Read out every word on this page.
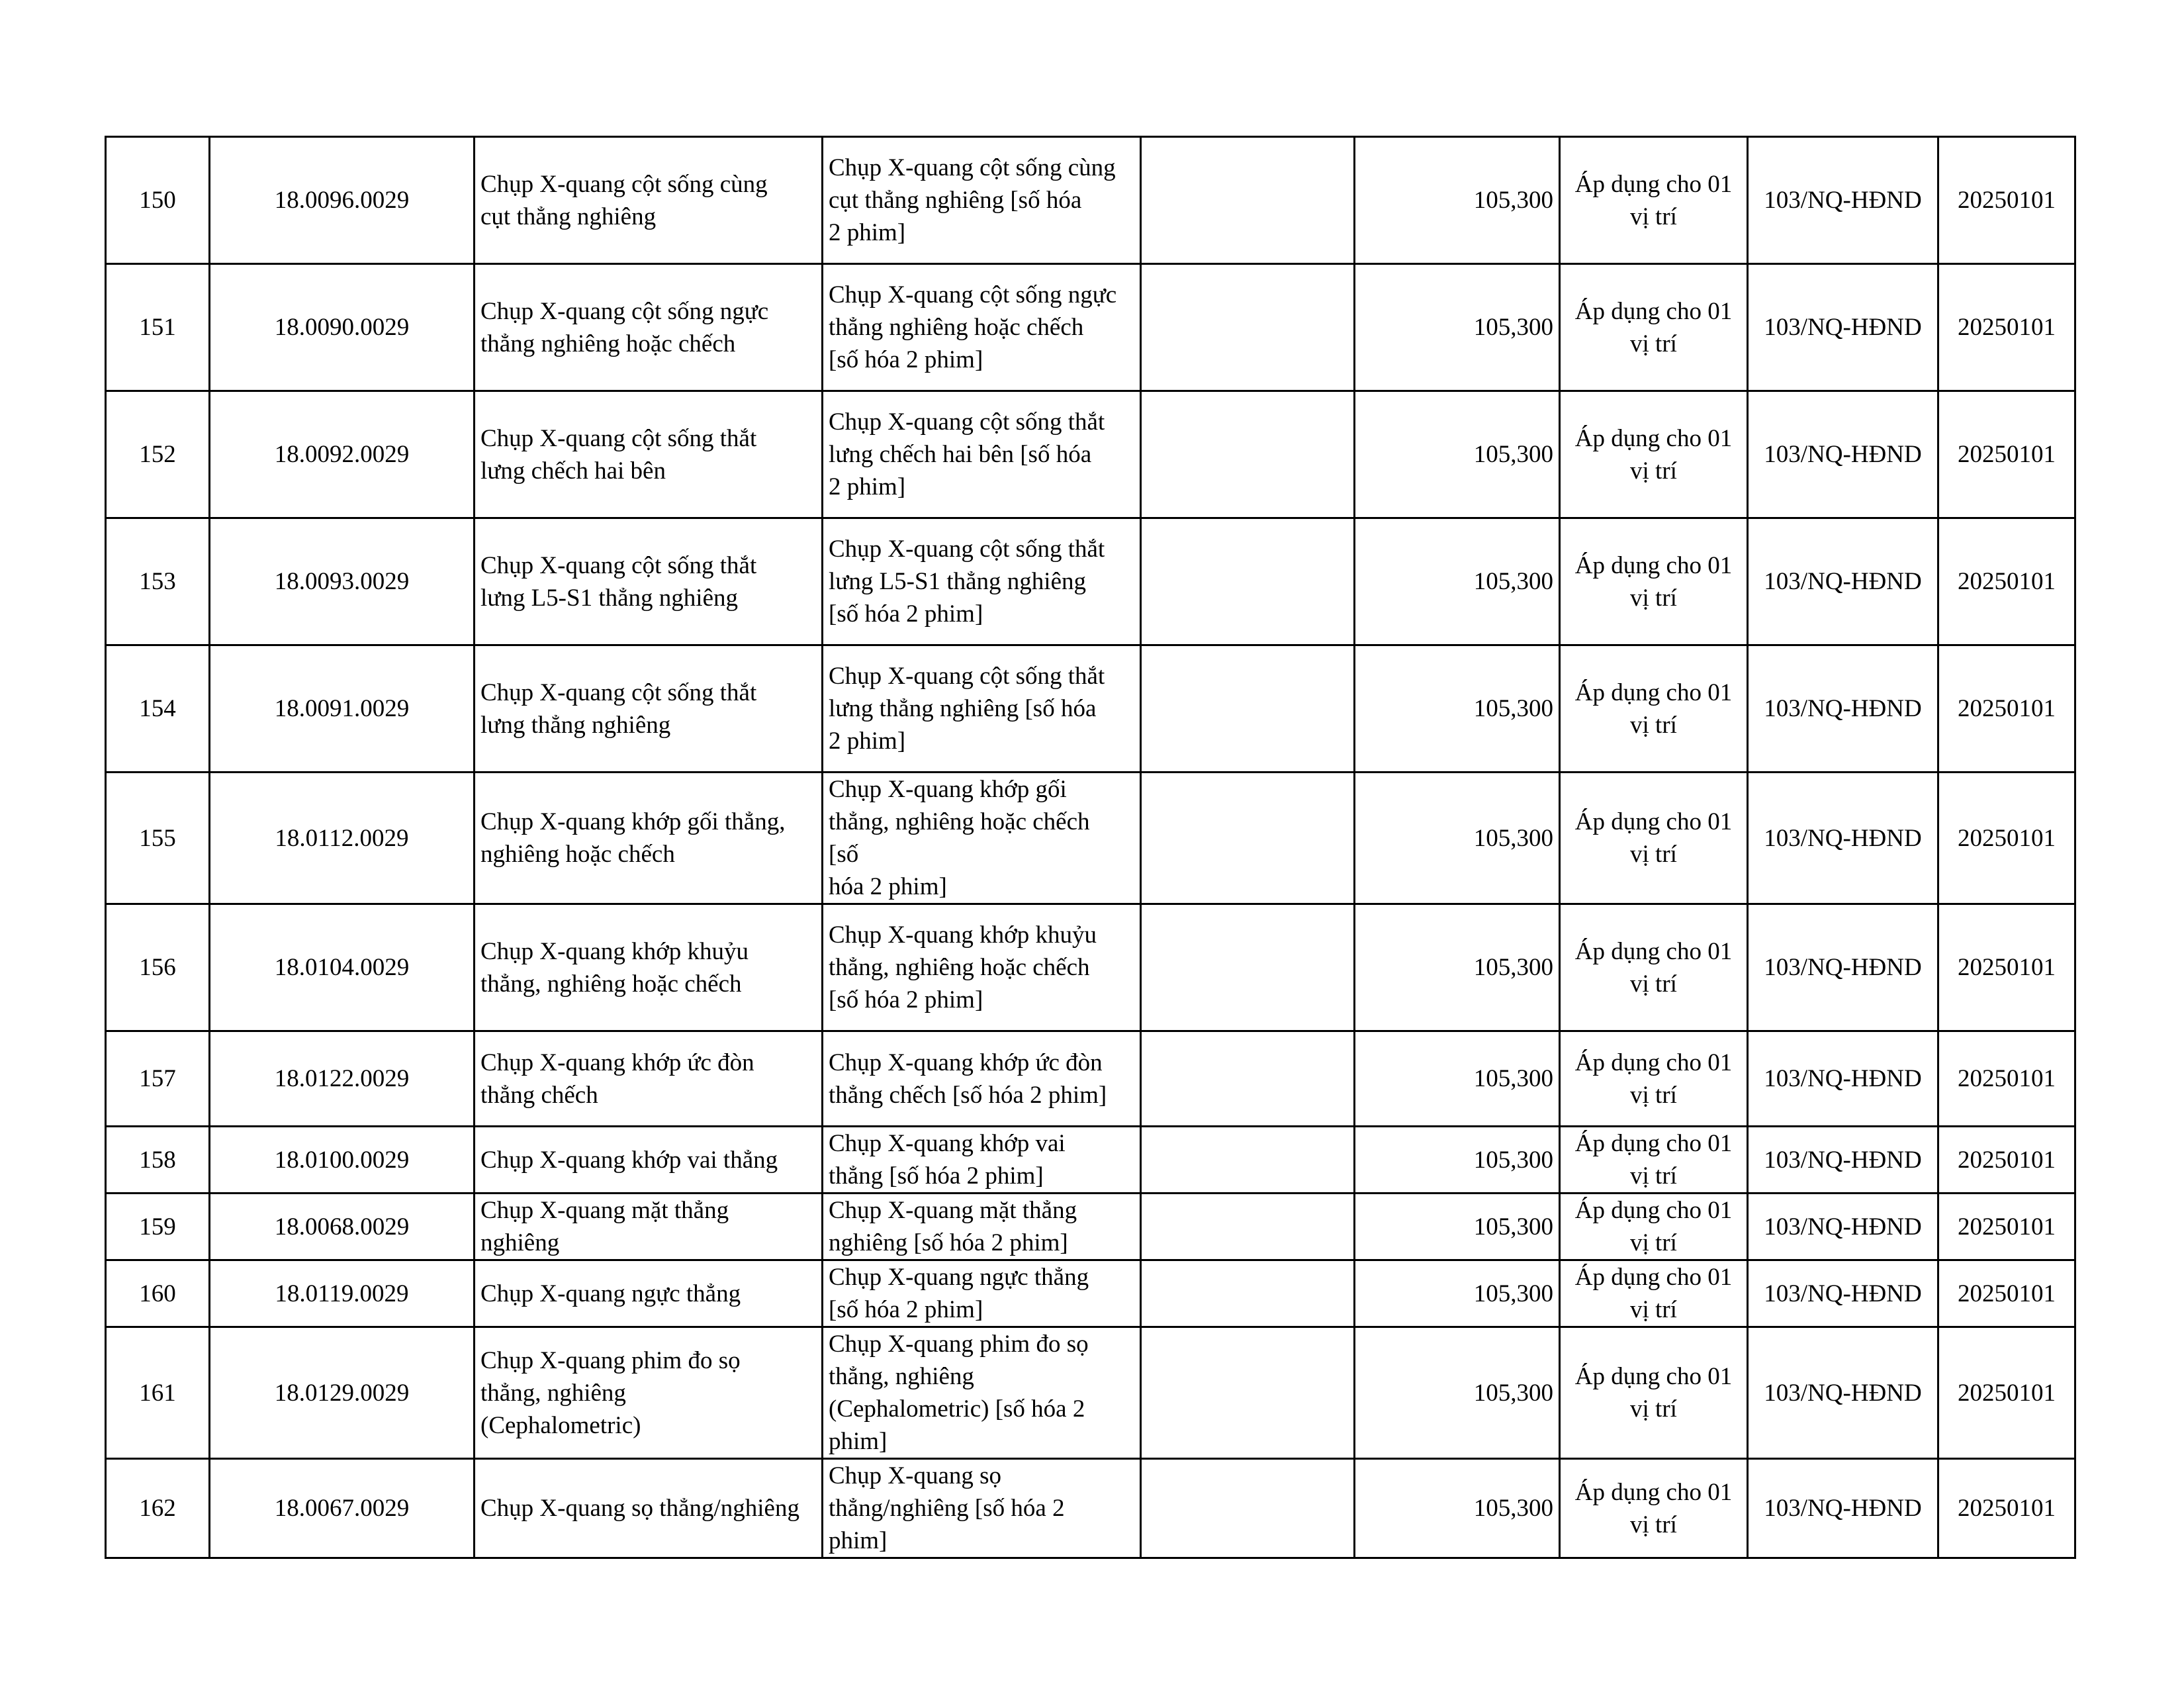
150	18.0096.0029	Chụp X-quang cột sống cùng
cụt thẳng nghiêng	Chụp X-quang cột sống cùng
cụt thẳng nghiêng [số hóa
2 phim]		105,300	Áp dụng cho 01
vị trí	103/NQ-HĐND	20250101

151	18.0090.0029	Chụp X-quang cột sống ngực
thẳng nghiêng hoặc chếch	Chụp X-quang cột sống ngực
thẳng nghiêng hoặc chếch
[số hóa 2 phim]		105,300	Áp dụng cho 01
vị trí	103/NQ-HĐND	20250101

152	18.0092.0029	Chụp X-quang cột sống thắt
lưng chếch hai bên	Chụp X-quang cột sống thắt
lưng chếch hai bên [số hóa
2 phim]		105,300	Áp dụng cho 01
vị trí	103/NQ-HĐND	20250101

153	18.0093.0029	Chụp X-quang cột sống thắt
lưng L5-S1 thẳng nghiêng	Chụp X-quang cột sống thắt
lưng L5-S1 thẳng nghiêng
[số hóa 2 phim]		105,300	Áp dụng cho 01
vị trí	103/NQ-HĐND	20250101

154	18.0091.0029	Chụp X-quang cột sống thắt
lưng thẳng nghiêng	Chụp X-quang cột sống thắt
lưng thẳng nghiêng [số hóa
2 phim]		105,300	Áp dụng cho 01
vị trí	103/NQ-HĐND	20250101

155	18.0112.0029	Chụp X-quang khớp gối thẳng,
nghiêng hoặc chếch	Chụp X-quang khớp gối
thẳng, nghiêng hoặc chếch
[số
hóa 2 phim]		105,300	Áp dụng cho 01
vị trí	103/NQ-HĐND	20250101

156	18.0104.0029	Chụp X-quang khớp khuỷu
thẳng, nghiêng hoặc chếch	Chụp X-quang khớp khuỷu
thẳng, nghiêng hoặc chếch
[số hóa 2 phim]		105,300	Áp dụng cho 01
vị trí	103/NQ-HĐND	20250101

157	18.0122.0029	Chụp X-quang khớp ức đòn
thẳng chếch	Chụp X-quang khớp ức đòn
thẳng chếch [số hóa 2 phim]		105,300	Áp dụng cho 01
vị trí	103/NQ-HĐND	20250101

158	18.0100.0029	Chụp X-quang khớp vai thẳng	Chụp X-quang khớp vai
thẳng [số hóa 2 phim]		105,300	Áp dụng cho 01
vị trí	103/NQ-HĐND	20250101

159	18.0068.0029	Chụp X-quang mặt thẳng
nghiêng	Chụp X-quang mặt thẳng
nghiêng [số hóa 2 phim]		105,300	Áp dụng cho 01
vị trí	103/NQ-HĐND	20250101

160	18.0119.0029	Chụp X-quang ngực thẳng	Chụp X-quang ngực thẳng
[số hóa 2 phim]		105,300	Áp dụng cho 01
vị trí	103/NQ-HĐND	20250101

161	18.0129.0029	Chụp X-quang phim đo sọ
thẳng, nghiêng
(Cephalometric)	Chụp X-quang phim đo sọ
thẳng, nghiêng
(Cephalometric) [số hóa 2
phim]		105,300	Áp dụng cho 01
vị trí	103/NQ-HĐND	20250101

162	18.0067.0029	Chụp X-quang sọ thẳng/nghiêng	Chụp X-quang sọ
thẳng/nghiêng [số hóa 2
phim]		105,300	Áp dụng cho 01
vị trí	103/NQ-HĐND	20250101
